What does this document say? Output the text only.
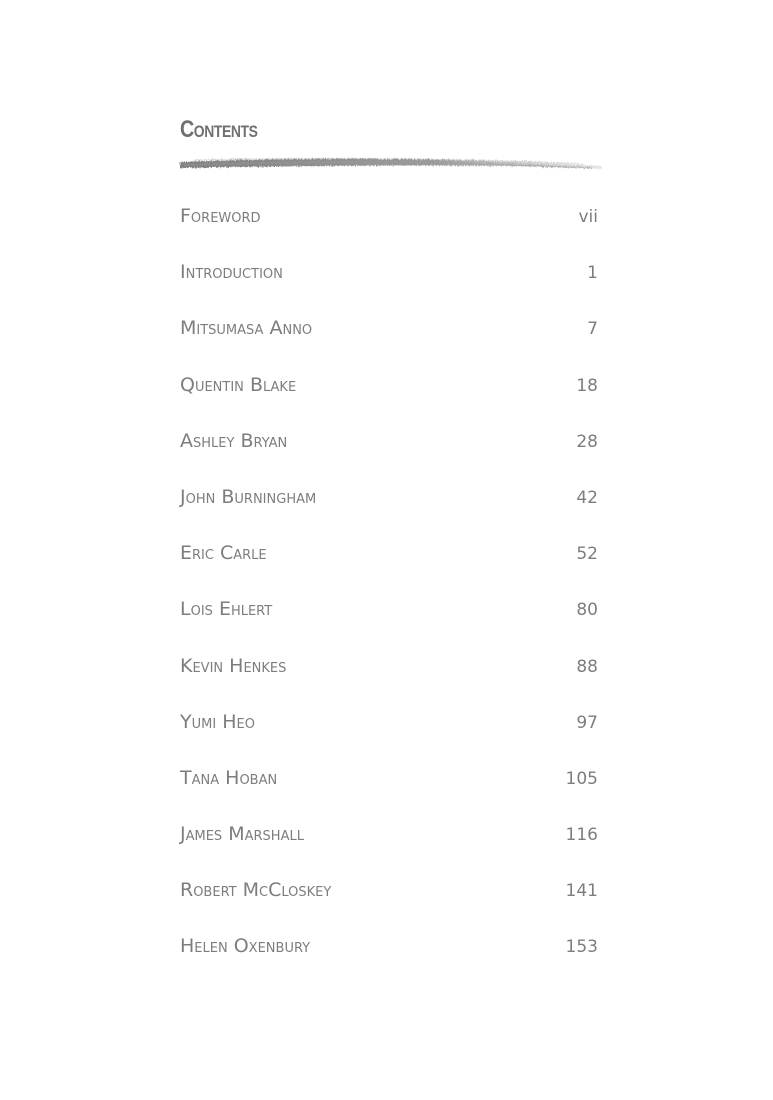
Contents
Foreword	vii
Introduction	1
Mitsumasa Anno	7
Quentin Blake	18
Ashley Bryan	28
John Burningham	42
Eric Carle	52
Lois Ehlert	80
Kevin Henkes	88
Yumi Heo	97
Tana Hoban	105
James Marshall	116
Robert McCloskey	141
Helen Oxenbury	153
